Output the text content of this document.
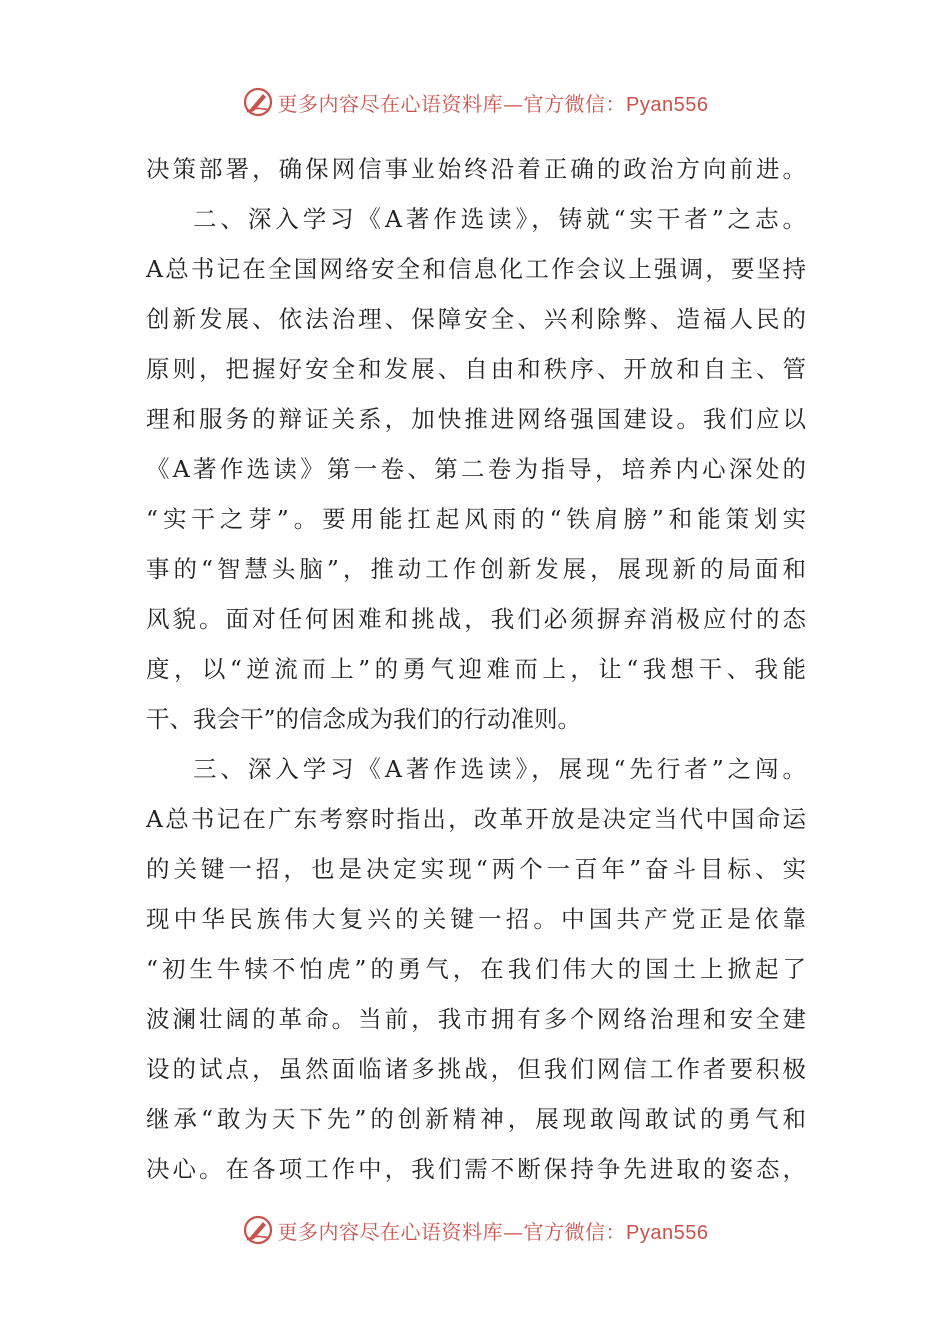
更多内容尽在心语资料库—官方微信：Pyan556
决策部署，确保网信事业始终沿着正确的政治方向前进。
二、深入学习《A著作选读》，铸就“实干者”之志。
A总书记在全国网络安全和信息化工作会议上强调，要坚持
创新发展、依法治理、保障安全、兴利除弊、造福人民的
原则，把握好安全和发展、自由和秩序、开放和自主、管
理和服务的辩证关系，加快推进网络强国建设。我们应以
《A著作选读》第一卷、第二卷为指导，培养内心深处的
“实干之芽”。要用能扛起风雨的“铁肩膀”和能策划实
事的“智慧头脑”，推动工作创新发展，展现新的局面和
风貌。面对任何困难和挑战，我们必须摒弃消极应付的态
度，以“逆流而上”的勇气迎难而上，让“我想干、我能
干、我会干”的信念成为我们的行动准则。
三、深入学习《A著作选读》，展现“先行者”之闯。
A总书记在广东考察时指出，改革开放是决定当代中国命运
的关键一招，也是决定实现“两个一百年”奋斗目标、实
现中华民族伟大复兴的关键一招。中国共产党正是依靠
“初生牛犊不怕虎”的勇气，在我们伟大的国土上掀起了
波澜壮阔的革命。当前，我市拥有多个网络治理和安全建
设的试点，虽然面临诸多挑战，但我们网信工作者要积极
继承“敢为天下先”的创新精神，展现敢闯敢试的勇气和
决心。在各项工作中，我们需不断保持争先进取的姿态，
更多内容尽在心语资料库—官方微信：Pyan556
